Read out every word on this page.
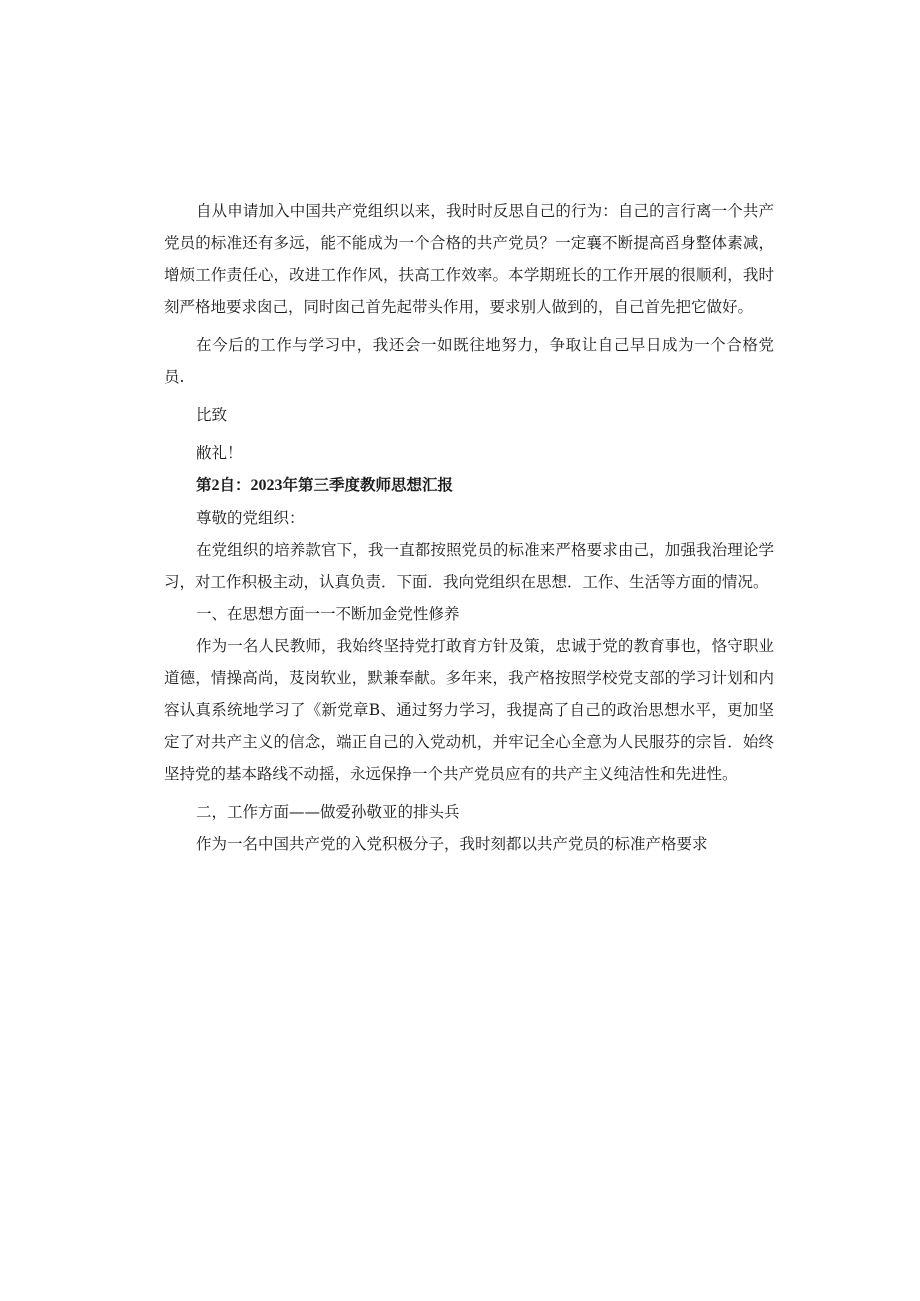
自从申请加入中国共产党组织以来，我时时反思自己的行为：自己的言行离一个共产党员的标准还有多远，能不能成为一个合格的共产党员？一定襄不断提高舀身整体素减，增烦工作责任心，改进工作作风，扶高工作效率。本学期班长的工作开展的很顺利，我时刻严格地要求囱己，同时囱己首先起带头作用，要求别人做到的，自己首先把它做好。

在今后的工作与学习中，我还会一如既往地努力，争取让自己早日成为一个合格党员.

比致

敝礼！

第2自：2023年第三季度教师思想汇报

尊敬的党组织：

在党组织的培养款官下，我一直都按照党员的标准来严格要求由己，加强我治理论学习，对工作积极主动，认真负责．下面．我向党组织在思想．工作、生活等方面的情况。

一、在思想方面一一不断加金党性修养

作为一名人民教师，我始终坚持党打敢育方针及策，忠诚于党的教育事也，恪守职业道德，情操高尚，芨岗软业，默兼奉献。多年来，我产格按照学校党支部的学习计划和内容认真系统地学习了《新党章B、通过努力学习，我提高了自己的政治思想水平，更加坚定了对共产主义的信念，端正自己的入党动机，并牢记全心全意为人民服芬的宗旨．始终坚持党的基本路线不动摇，永远保挣一个共产党员应有的共产主义纯洁性和先进性。

二，工作方面——做爱孙敬亚的排头兵

作为一名中国共产党的入党积极分子，我时刻都以共产党员的标准产格要求
